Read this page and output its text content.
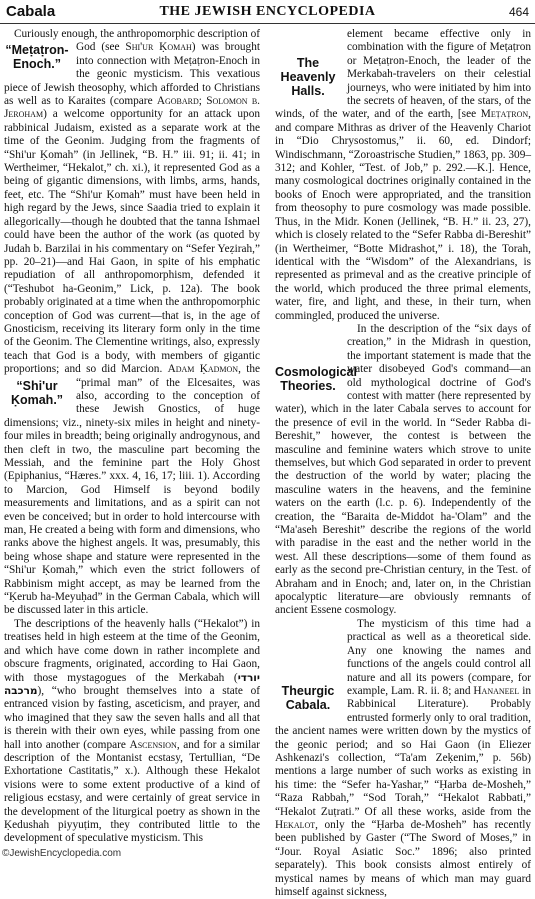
Cabala	THE JEWISH ENCYCLOPEDIA	464

Curiously enough, the anthropomorphic description of God (see Shi'ur Ḳomah
“Meṭaṭron-Enoch.”
) was brought into connection with Meṭaṭron-Enoch in the geonic mysticism. This vexatious piece of Jewish theosophy, which afforded to Christians as well as to Karaites (compare Agobard; Solomon b. Jeroham) a welcome opportunity for an attack upon rabbinical Judaism, existed as a separate work at the time of the Geonim. Judging from the fragments of “Shi'ur Ḳomah” (in Jellinek, “B. H.” iii. 91; ii. 41; in Wertheimer, “Hekalot,” ch. xi.), it represented God as a being of gigantic dimensions, with limbs, arms, hands, feet, etc. The “Shi'ur Ḳomah” must have been held in high regard by the Jews, since Saadia tried to explain it allegorically—though he doubted that the tanna Ishmael could have been the author of the work (as quoted by Judah b. Barzilai in his commentary on “Sefer Yeẓirah,” pp. 20–21)—and Hai Gaon, in spite of his emphatic repudiation of all anthropomorphism, defended it (“Teshubot ha-Geonim,” Lick, p. 12a). The book probably originated at a time when the anthropomorphic conception of God was current—that is, in the age of Gnosticism, receiving its literary form only in the time of the Geonim. The Clementine writings, also, expressly teach that God is a body, with members of gigantic proportions; and so did Marcion. Adam Ḳadmon
“Shi'ur Ḳomah.”
, the “primal man” of the Elcesaites, was also, according to the conception of these Jewish Gnostics, of huge dimensions; viz., ninety-six miles in height and ninety-four miles in breadth; being originally androgynous, and then cleft in two, the masculine part becoming the Messiah, and the feminine part the Holy Ghost (Epiphanius, “Hæres.” xxx. 4, 16, 17; liii. 1). According to Marcion, God Himself is beyond bodily measurements and limitations, and as a spirit can not even be conceived; but in order to hold intercourse with man, He created a being with form and dimensions, who ranks above the highest angels. It was, presumably, this being whose shape and stature were represented in the “Shi'ur Ḳomah,” which even the strict followers of Rabbinism might accept, as may be learned from the “Ḳerub ha-Meyuḥad” in the German Cabala, which will be discussed later in this article.

The descriptions of the heavenly halls (“Hekalot”) in treatises held in high esteem at the time of the Geonim, and which have come down in rather incomplete and obscure fragments, originated, according to Hai Gaon, with those mystagogues of the Merkabah (יורדי מרכבה), “who brought themselves into a state of entranced vision by fasting, asceticism, and prayer, and who imagined that they saw the seven halls and all that is therein with their own eyes, while passing from one hall into another (compare Ascension, and for a similar description of the Montanist ecstasy, Tertullian, “De Exhortatione Castitatis,” x.). Although these Hekalot visions were to some extent productive of a kind of religious ecstasy, and were certainly of great service in the development of the liturgical poetry as shown in the Ḳedushah piyyuṭim, they contributed little to the development of speculative mysticism. This

The Heavenly Halls.
element became effective only in combination with the figure of Meṭaṭron or Meṭaṭron-Enoch, the leader of the Merkabah-travelers on their celestial journeys, who were initiated by him into the secrets of heaven, of the stars, of the winds, of the water, and of the earth, [see Meṭaṭron, and compare Mithras as driver of the Heavenly Chariot in “Dio Chrysostomus,” ii. 60, ed. Dindorf; Windischmann, “Zoroastrische Studien,” 1863, pp. 309–312; and Kohler, “Test. of Job,” p. 292.—K.]. Hence, many cosmological doctrines originally contained in the books of Enoch were appropriated, and the transition from theosophy to pure cosmology was made possible. Thus, in the Midr. Konen (Jellinek, “B. H.” ii. 23, 27), which is closely related to the “Sefer Rabba di-Bereshit” (in Wertheimer, “Botte Midrashot,” i. 18), the Torah, identical with the “Wisdom” of the Alexandrians, is represented as primeval and as the creative principle of the world, which produced the three primal elements, water, fire, and light, and these, in their turn, when commingled, produced the universe.

Cosmological Theories.
In the description of the “six days of creation,” in the Midrash in question, the important statement is made that the water disobeyed God's command—an old mythological doctrine of God's contest with matter (here represented by water), which in the later Cabala serves to account for the presence of evil in the world. In “Seder Rabba di-Bereshit,” however, the contest is between the masculine and feminine waters which strove to unite themselves, but which God separated in order to prevent the destruction of the world by water; placing the masculine waters in the heavens, and the feminine waters on the earth (l.c. p. 6). Independently of the creation, the “Baraita de-Middot ha-'Olam” and the “Ma'aseh Bereshit” describe the regions of the world with paradise in the east and the nether world in the west. All these descriptions—some of them found as early as the second pre-Christian century, in the Test. of Abraham and in Enoch; and, later on, in the Christian apocalyptic literature—are obviously remnants of ancient Essene cosmology.

Theurgic Cabala.
The mysticism of this time had a practical as well as a theoretical side. Any one knowing the names and functions of the angels could control all nature and all its powers (compare, for example, Lam. R. ii. 8; and Hananeel in Rabbinical Literature). Probably entrusted formerly only to oral tradition, the ancient names were written down by the mystics of the geonic period; and so Hai Gaon (in Eliezer Ashkenazi's collection, “Ta'am Zeḳenim,” p. 56b) mentions a large number of such works as existing in his time: the “Sefer ha-Yashar,” “Ḥarba de-Mosheh,” “Raza Rabbah,” “Sod Torah,” “Hekalot Rabbati,” “Hekalot Zuṭrati.” Of all these works, aside from the Hekalot, only the “Ḥarba de-Mosheh” has recently been published by Gaster (“The Sword of Moses,” in “Jour. Royal Asiatic Soc.” 1896; also printed separately). This book consists almost entirely of mystical names by means of which man may guard himself against sickness,

©JewishEncyclopedia.com
